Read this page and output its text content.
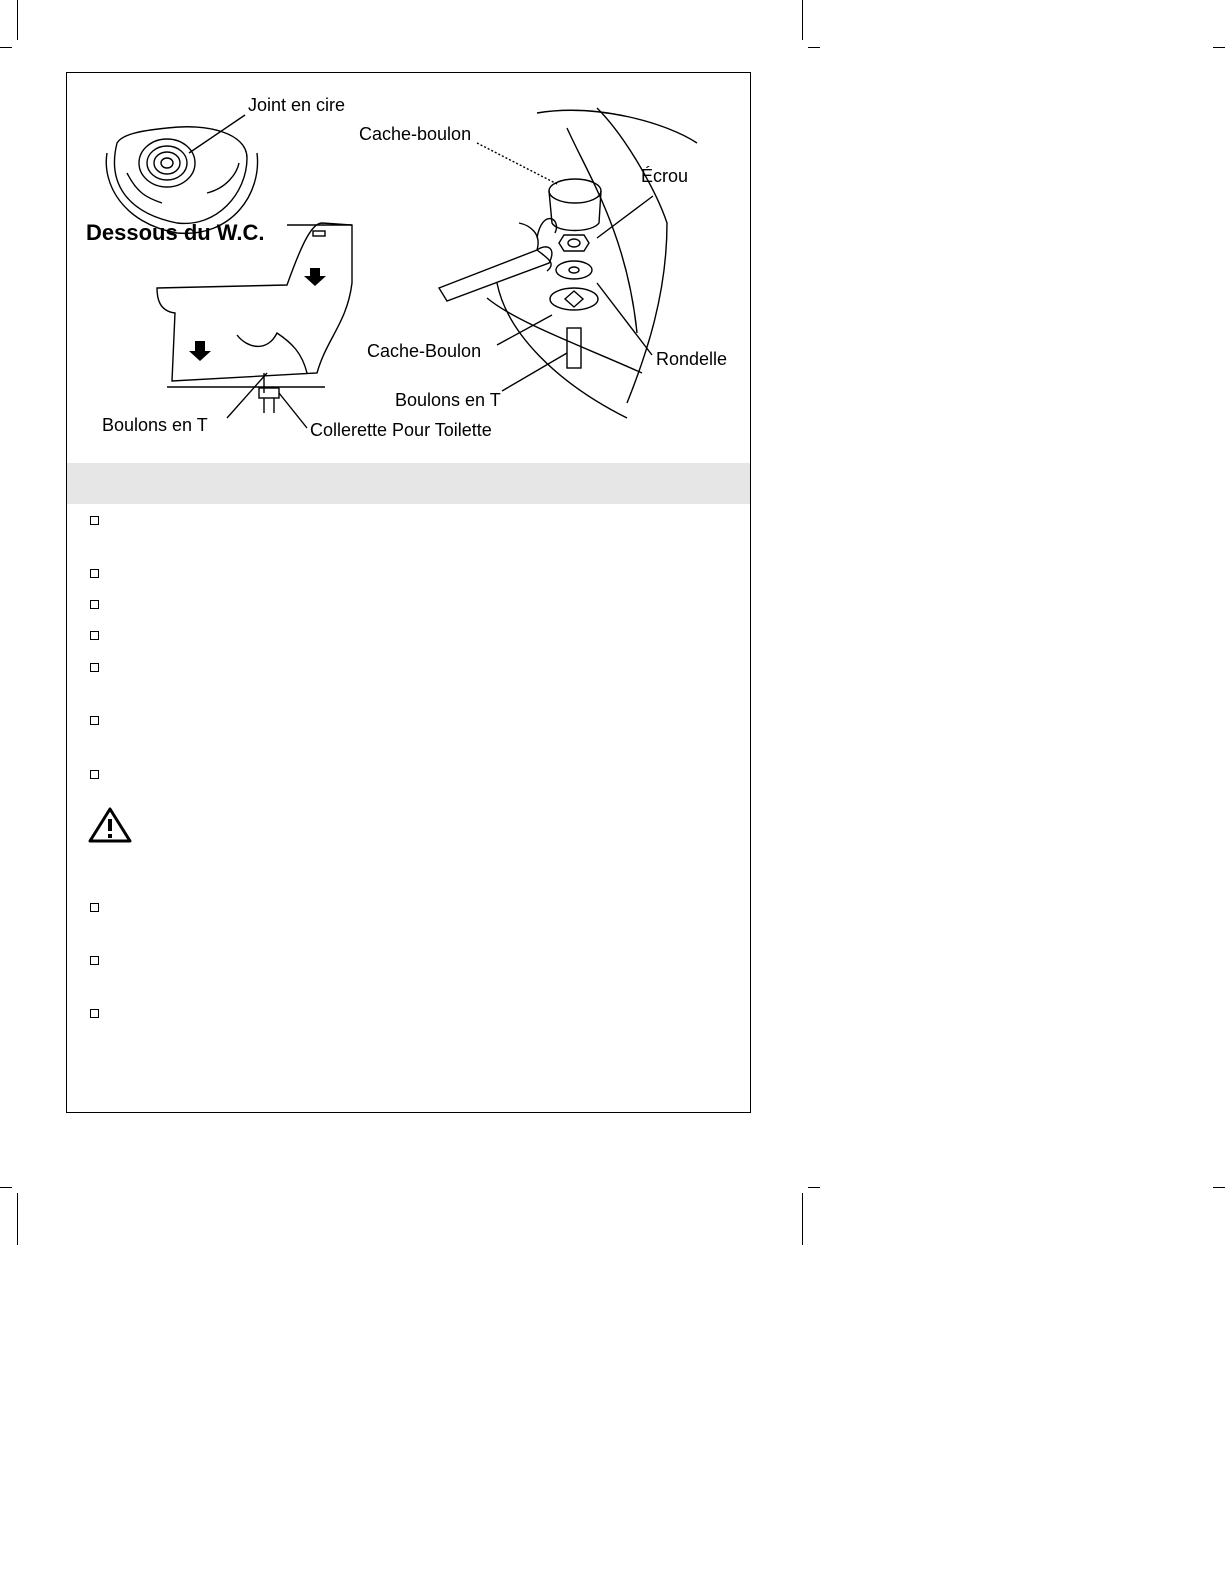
Joint en cire
Cache-boulon
Écrou
Dessous du W.C.
Cache-Boulon	Rondelle
Boulons en T
Boulons en T	Collerette Pour Toilette
